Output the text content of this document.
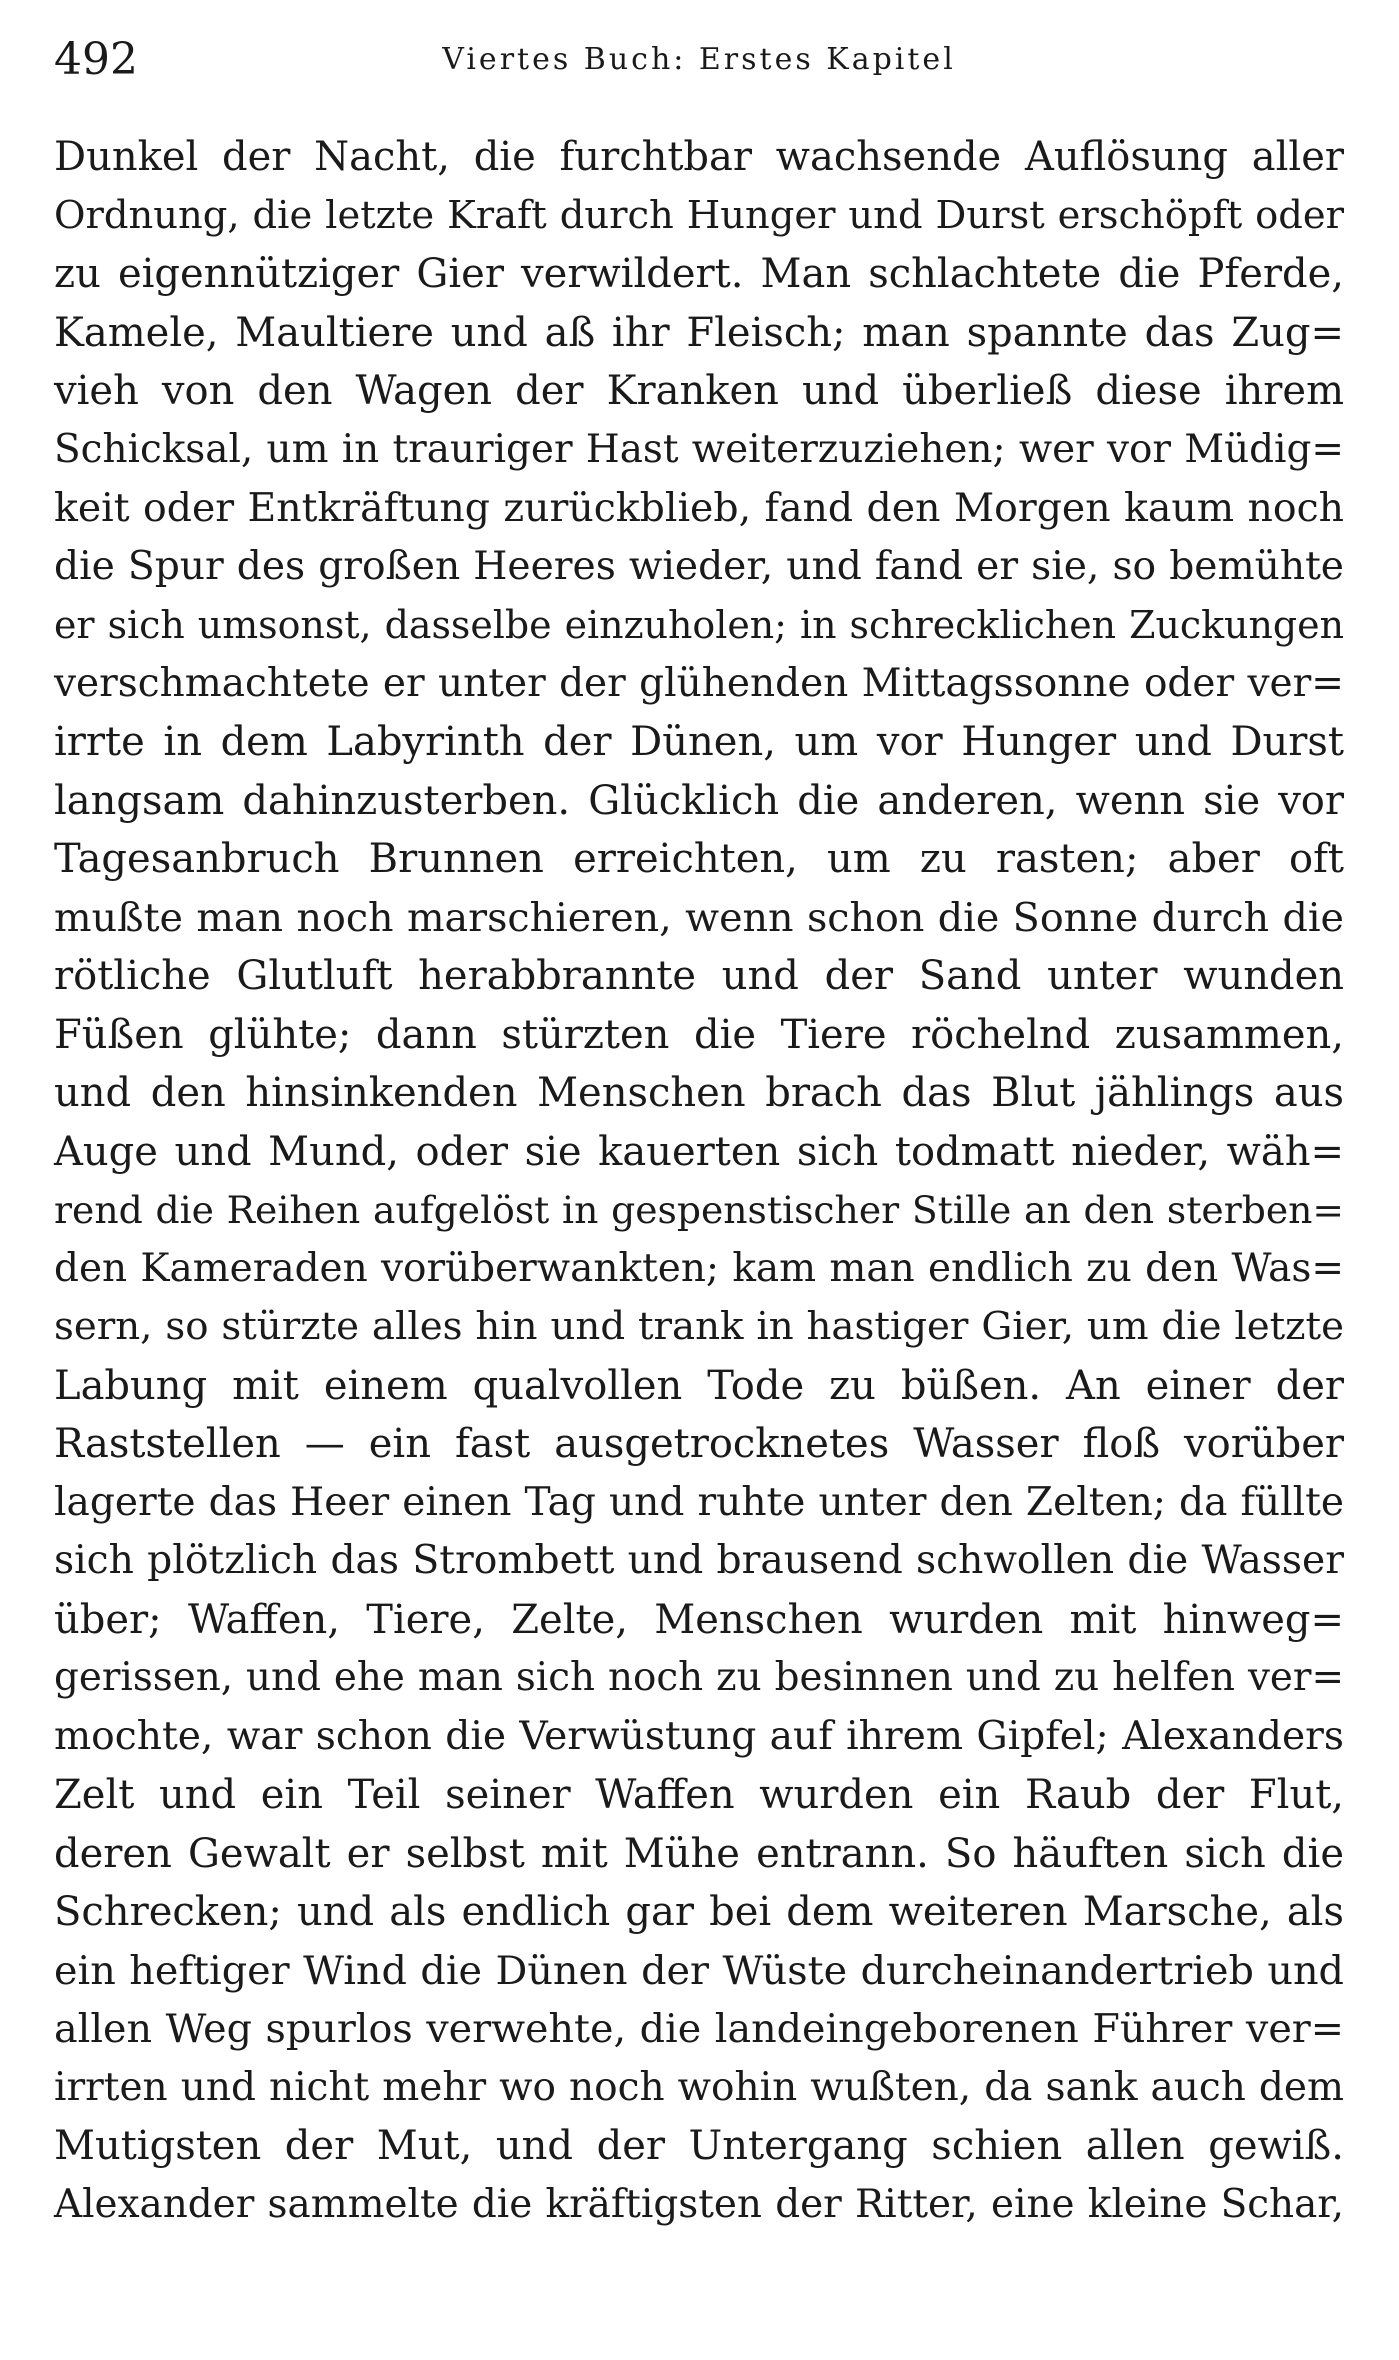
492	Viertes Buch: Erstes Kapitel
Dunkel der Nacht, die furchtbar wachsende Auflösung aller
Ordnung, die letzte Kraft durch Hunger und Durst erschöpft oder
zu eigennütziger Gier verwildert. Man schlachtete die Pferde,
Kamele, Maultiere und aß ihr Fleisch; man spannte das Zug=
vieh von den Wagen der Kranken und überließ diese ihrem
Schicksal, um in trauriger Hast weiterzuziehen; wer vor Müdig=
keit oder Entkräftung zurückblieb, fand den Morgen kaum noch
die Spur des großen Heeres wieder, und fand er sie, so bemühte
er sich umsonst, dasselbe einzuholen; in schrecklichen Zuckungen
verschmachtete er unter der glühenden Mittagssonne oder ver=
irrte in dem Labyrinth der Dünen, um vor Hunger und Durst
langsam dahinzusterben. Glücklich die anderen, wenn sie vor
Tagesanbruch Brunnen erreichten, um zu rasten; aber oft
mußte man noch marschieren, wenn schon die Sonne durch die
rötliche Glutluft herabbrannte und der Sand unter wunden
Füßen glühte; dann stürzten die Tiere röchelnd zusammen,
und den hinsinkenden Menschen brach das Blut jählings aus
Auge und Mund, oder sie kauerten sich todmatt nieder, wäh=
rend die Reihen aufgelöst in gespenstischer Stille an den sterben=
den Kameraden vorüberwankten; kam man endlich zu den Was=
sern, so stürzte alles hin und trank in hastiger Gier, um die letzte
Labung mit einem qualvollen Tode zu büßen. An einer der
Raststellen — ein fast ausgetrocknetes Wasser floß vorüber
lagerte das Heer einen Tag und ruhte unter den Zelten; da füllte
sich plötzlich das Strombett und brausend schwollen die Wasser
über; Waffen, Tiere, Zelte, Menschen wurden mit hinweg=
gerissen, und ehe man sich noch zu besinnen und zu helfen ver=
mochte, war schon die Verwüstung auf ihrem Gipfel; Alexanders
Zelt und ein Teil seiner Waffen wurden ein Raub der Flut,
deren Gewalt er selbst mit Mühe entrann. So häuften sich die
Schrecken; und als endlich gar bei dem weiteren Marsche, als
ein heftiger Wind die Dünen der Wüste durcheinandertrieb und
allen Weg spurlos verwehte, die landeingeborenen Führer ver=
irrten und nicht mehr wo noch wohin wußten, da sank auch dem
Mutigsten der Mut, und der Untergang schien allen gewiß.
Alexander sammelte die kräftigsten der Ritter, eine kleine Schar,
